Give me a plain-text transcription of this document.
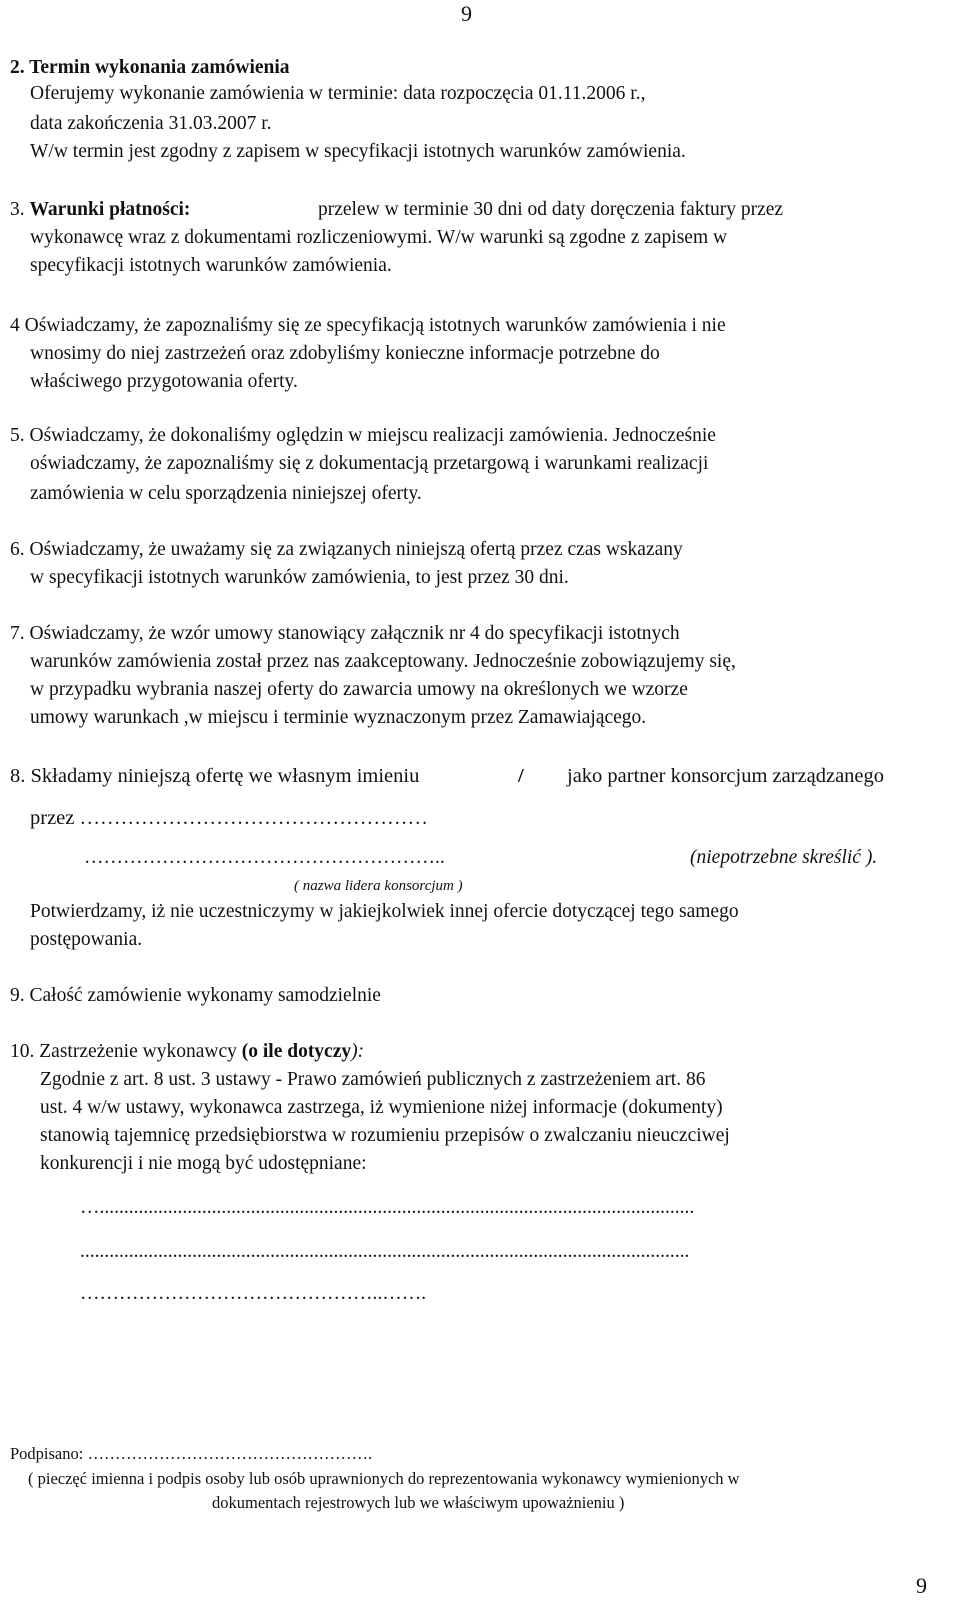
9
2. Termin wykonania zamówienia
Oferujemy wykonanie zamówienia w terminie: data rozpoczęcia 01.11.2006 r.,
data zakończenia 31.03.2007 r.
W/w termin jest zgodny z zapisem w specyfikacji istotnych warunków zamówienia.
3. Warunki płatności:	przelew w terminie 30 dni od daty doręczenia faktury przez
wykonawcę wraz z dokumentami rozliczeniowymi. W/w warunki są zgodne z zapisem w
specyfikacji istotnych warunków zamówienia.
4 Oświadczamy, że zapoznaliśmy się ze specyfikacją istotnych warunków zamówienia i nie
wnosimy do niej zastrzeżeń oraz zdobyliśmy konieczne informacje potrzebne do
właściwego przygotowania oferty.
5. Oświadczamy, że dokonaliśmy oględzin w miejscu realizacji zamówienia. Jednocześnie
oświadczamy, że zapoznaliśmy się z dokumentacją przetargową i warunkami realizacji
zamówienia w celu sporządzenia niniejszej oferty.
6. Oświadczamy, że uważamy się za związanych niniejszą ofertą przez czas wskazany
w specyfikacji istotnych warunków zamówienia, to jest przez 30 dni.
7. Oświadczamy, że wzór umowy stanowiący załącznik nr 4 do specyfikacji istotnych
warunków zamówienia został przez nas zaakceptowany. Jednocześnie zobowiązujemy się,
w przypadku wybrania naszej oferty do zawarcia umowy na określonych we wzorze
umowy warunkach ,w miejscu i terminie wyznaczonym przez Zamawiającego.
8. Składamy niniejszą ofertę we własnym imieniu	/ jako partner konsorcjum zarządzanego
przez ……………………………………………
………………………………………………..	(niepotrzebne skreślić ).
( nazwa lidera konsorcjum )
Potwierdzamy, iż nie uczestniczymy w jakiejkolwiek innej ofercie dotyczącej tego samego
postępowania.
9. Całość zamówienie wykonamy samodzielnie
10. Zastrzeżenie wykonawcy (o ile dotyczy):
Zgodnie z art. 8 ust. 3 ustawy - Prawo zamówień publicznych z zastrzeżeniem art. 86
ust. 4 w/w ustawy, wykonawca zastrzega, iż wymienione niżej informacje (dokumenty)
stanowią tajemnicę przedsiębiorstwa w rozumieniu przepisów o zwalczaniu nieuczciwej
konkurencji i nie mogą być udostępniane:
…..........................................................................................................................
.............................................................................................................................
………………………………………..…….
Podpisano: …………………………………………….
( pieczęć imienna i podpis osoby lub osób uprawnionych do reprezentowania wykonawcy wymienionych w
dokumentach rejestrowych lub we właściwym upoważnieniu )
9
